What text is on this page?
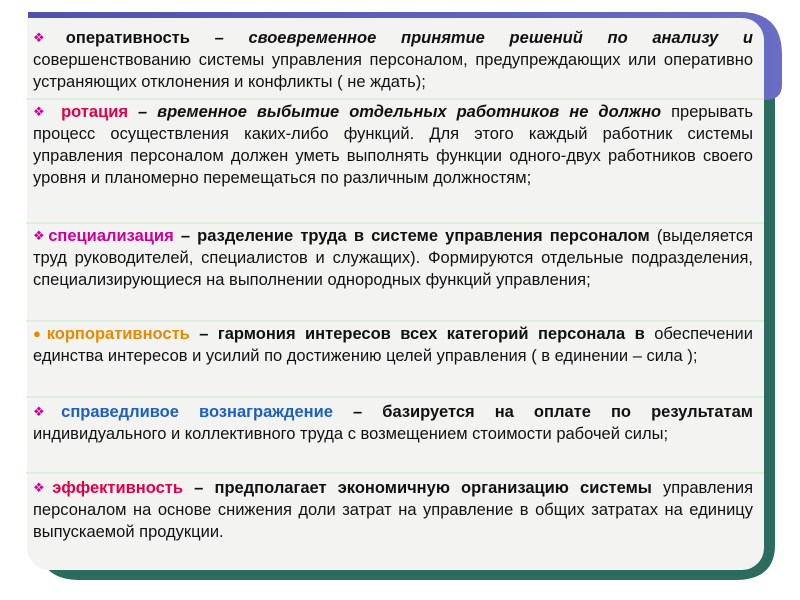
❖оперативность – своевременное принятие решений по анализу и совершенствованию системы управления персоналом, предупреждающих или оперативно устраняющих отклонения и конфликты ( не ждать);

❖ ротация – временное выбытие отдельных работников не должно прерывать процесс осуществления каких-либо функций. Для этого каждый работник системы управления персоналом должен уметь выполнять функции одного-двух работников своего уровня и планомерно перемещаться по различным должностям;

❖специализация – разделение труда в системе управления персоналом (выделяется труд руководителей, специалистов и служащих). Формируются отдельные подразделения, специализирующиеся на выполнении однородных функций управления;

●корпоративность – гармония интересов всех категорий персонала в обеспечении единства интересов и усилий по достижению целей управления ( в единении – сила );

❖справедливое вознаграждение – базируется на оплате по результатам индивидуального и коллективного труда с возмещением стоимости рабочей силы;

❖эффективность – предполагает экономичную организацию системы управления персоналом на основе снижения доли затрат на управление в общих затратах на единицу выпускаемой продукции.
